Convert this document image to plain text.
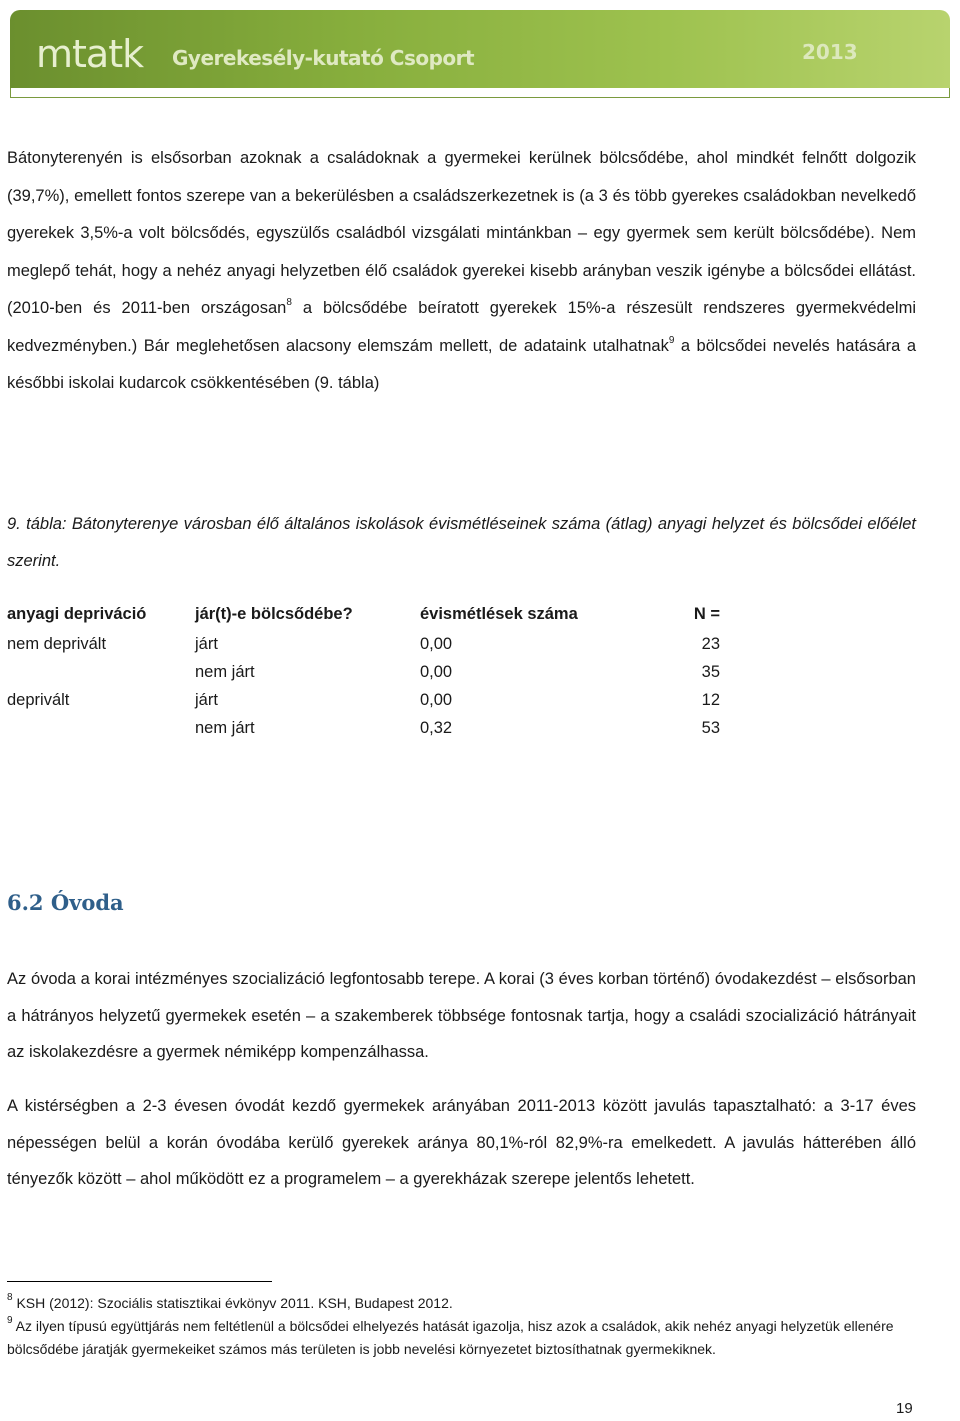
mtatk Gyerekesély-kutató Csoport	2013

Bátonyterenyén is elsősorban azoknak a családoknak a gyermekei kerülnek bölcsődébe, ahol mindkét felnőtt dolgozik (39,7%), emellett fontos szerepe van a bekerülésben a családszerkezetnek is (a 3 és több gyerekes családokban nevelkedő gyerekek 3,5%-a volt bölcsődés, egyszülős családból vizsgálati mintánkban – egy gyermek sem került bölcsődébe). Nem meglepő tehát, hogy a nehéz anyagi helyzetben élő családok gyerekei kisebb arányban veszik igénybe a bölcsődei ellátást. (2010-ben és 2011-ben országosan$^8$ a bölcsődébe beíratott gyerekek 15%-a részesült rendszeres gyermekvédelmi kedvezményben.) Bár meglehetősen alacsony elemszám mellett, de adataink utalhatnak$^9$ a bölcsődei nevelés hatására a későbbi iskolai kudarcok csökkentésében (9. tábla)

9. tábla: Bátonyterenye városban élő általános iskolások évismétléseinek száma (átlag) anyagi helyzet és bölcsődei előélet szerint.

anyagi depriváció	jár(t)-e bölcsődébe?	évismétlések száma	N =
nem deprivált	járt	0,00	23
	nem járt	0,00	35
deprivált	járt	0,00	12
	nem járt	0,32	53
6.2 Óvoda

Az óvoda a korai intézményes szocializáció legfontosabb terepe. A korai (3 éves korban történő) óvodakezdést – elsősorban a hátrányos helyzetű gyermekek esetén – a szakemberek többsége fontosnak tartja, hogy a családi szocializáció hátrányait az iskolakezdésre a gyermek némiképp kompenzálhassa.

A kistérségben a 2-3 évesen óvodát kezdő gyermekek arányában 2011-2013 között javulás tapasztalható: a 3-17 éves népességen belül a korán óvodába kerülő gyerekek aránya 80,1%-ról 82,9%-ra emelkedett. A javulás hátterében álló tényezők között – ahol működött ez a programelem – a gyerekházak szerepe jelentős lehetett.

$^8$ KSH (2012): Szociális statisztikai évkönyv 2011. KSH, Budapest 2012.

$^9$ Az ilyen típusú együttjárás nem feltétlenül a bölcsődei elhelyezés hatását igazolja, hisz azok a családok, akik nehéz anyagi helyzetük ellenére bölcsődébe járatják gyermekeiket számos más területen is jobb nevelési környezetet biztosíthatnak gyermekiknek.

19
